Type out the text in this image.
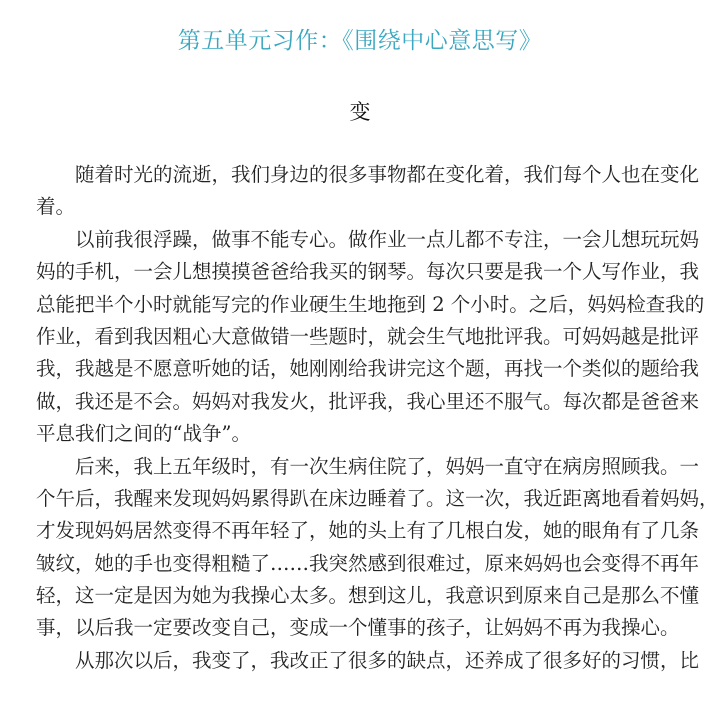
第五单元习作：《围绕中心意思写》
变
随着时光的流逝，我们身边的很多事物都在变化着，我们每个人也在变化
着。
以前我很浮躁，做事不能专心。做作业一点儿都不专注，一会儿想玩玩妈
妈的手机，一会儿想摸摸爸爸给我买的钢琴。每次只要是我一个人写作业，我
总能把半个小时就能写完的作业硬生生地拖到 2 个小时。之后，妈妈检查我的
作业，看到我因粗心大意做错一些题时，就会生气地批评我。可妈妈越是批评
我，我越是不愿意听她的话，她刚刚给我讲完这个题，再找一个类似的题给我
做，我还是不会。妈妈对我发火，批评我，我心里还不服气。每次都是爸爸来
平息我们之间的“战争”。
后来，我上五年级时，有一次生病住院了，妈妈一直守在病房照顾我。一
个午后，我醒来发现妈妈累得趴在床边睡着了。这一次，我近距离地看着妈妈，
才发现妈妈居然变得不再年轻了，她的头上有了几根白发，她的眼角有了几条
皱纹，她的手也变得粗糙了……我突然感到很难过，原来妈妈也会变得不再年
轻，这一定是因为她为我操心太多。想到这儿，我意识到原来自己是那么不懂
事，以后我一定要改变自己，变成一个懂事的孩子，让妈妈不再为我操心。
从那次以后，我变了，我改正了很多的缺点，还养成了很多好的习惯，比
